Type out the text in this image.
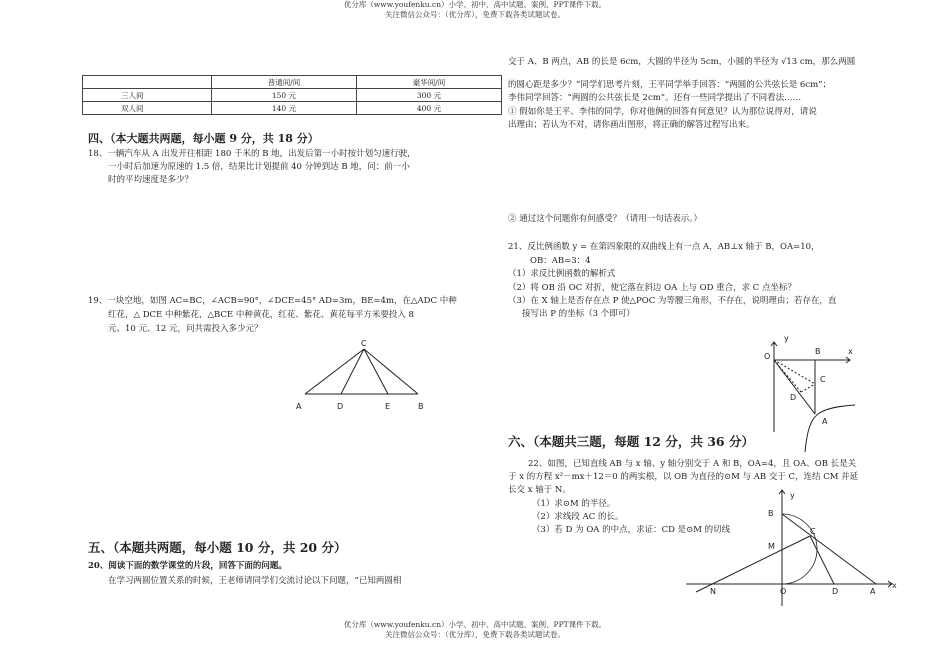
优分库（www.youfenku.cn）小学、初中、高中试题、案例、PPT课件下载。
关注微信公众号：（优分库），免费下载各类试题试卷。
	普通间/间	豪华间/间
三人间	150 元	300 元
双人间	140 元	400 元
四、（本大题共两题，每小题 9 分，共 18 分）
18、一辆汽车从 A 出发开往相距 180 千米的 B 地，出发后第一小时按计划匀速行驶，
一小时后加速为原速的 1.5 倍，结果比计划提前 40 分钟到达 B 地，问：前一小
时的平均速度是多少？
19、一块空地，如图 AC=BC，∠ACB=90°，∠DCE=45° AD=3m，BE=4m，在△ADC 中种
红花，△ DCE 中种紫花，△BCE 中种黄花，红花、紫花、黄花每平方米要投入 8
元、10 元、12 元，问共需投入多少元？
C
A	D	E	B
五、（本题共两题，每小题 10 分，共 20 分）
20、阅读下面的数学课堂的片段，回答下面的问题。
在学习两圆位置关系的时候，王老师请同学们交流讨论以下问题，“已知两圆相
交于 A、B 两点，AB 的长是 6cm，大圆的半径为 5cm，小圆的半径为 √13 cm，那么两圆
的圆心距是多少？”同学们思考片刻，王平同学举手回答：“两圆的公共弦长是 6cm”；
李伟同学回答：“两圆的公共弦长是 2cm”。还有一些同学提出了不同看法……
① 假如你是王平、李伟的同学，你对他俩的回答有何意见？认为那位说得对，请说
出理由；若认为不对，请你画出图形，将正确的解答过程写出来。
② 通过这个问题你有何感受？（请用一句话表示。）
21、反比例函数 y = 在第四象限的双曲线上有一点 A，AB⊥x 轴于 B，OA=10，
OB：AB=3：4
（1）求反比例函数的解析式
（2）将 OB 沿 OC 对折，使它落在斜边 OA 上与 OD 重合，求 C 点坐标？
（3）在 X 轴上是否存在点 P 使△POC 为等腰三角形，不存在，说明理由；若存在，直
接写出 P 的坐标（3 个即可）
y
x
O
B
C
D
A
六、（本题共三题，每题 12 分，共 36 分）
22、如图，已知直线 AB 与 x 轴、y 轴分别交于 A 和 B，OA=4，且 OA、OB 长是关
于 x 的方程 x²－mx＋12＝0 的两实根，以 OB 为直径的⊙M 与 AB 交于 C，连结 CM 并延
长交 x 轴于 N。
（1）求⊙M 的半径。
（2）求线段 AC 的长。
（3）若 D 为 OA 的中点，求证：CD 是⊙M 的切线
y
x
B
C
M
N	O	D	A
优分库（www.youfenku.cn）小学、初中、高中试题、案例、PPT课件下载。
关注微信公众号：（优分库），免费下载各类试题试卷。
